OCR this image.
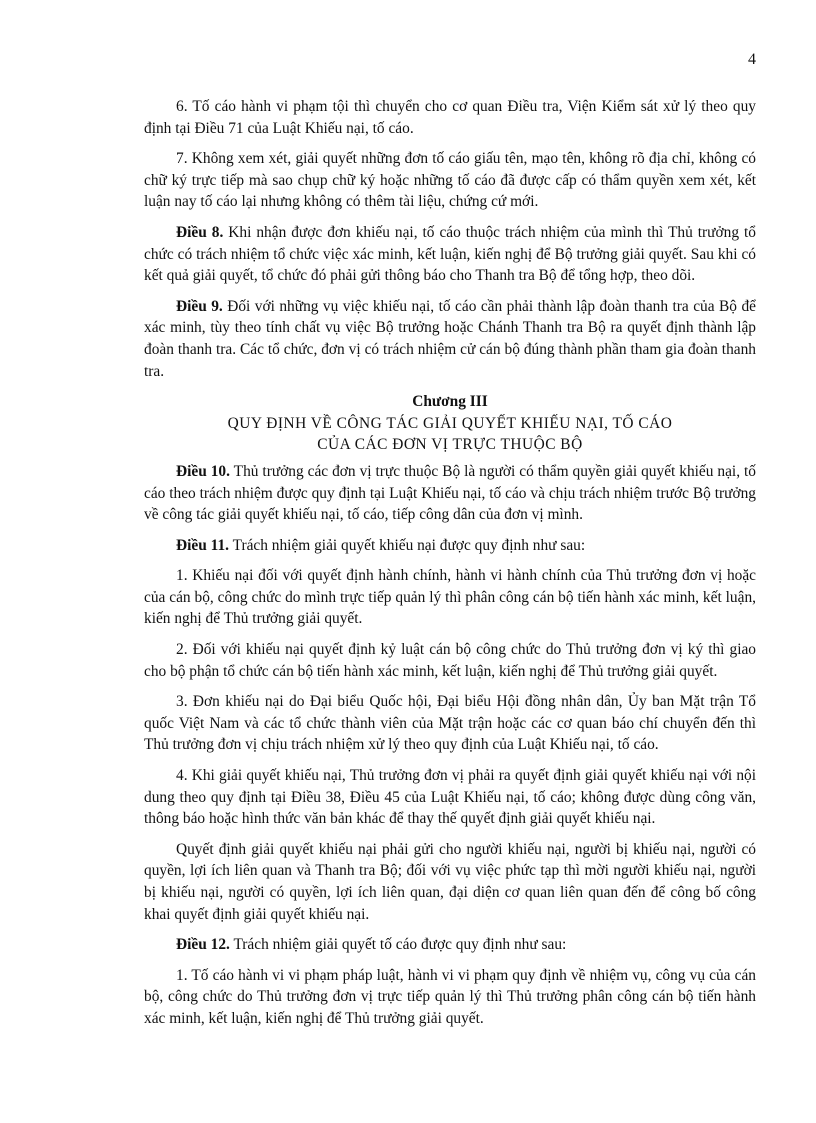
4

6. Tố cáo hành vi phạm tội thì chuyển cho cơ quan Điều tra, Viện Kiểm sát xử lý theo quy định tại Điều 71 của Luật Khiếu nại, tố cáo.

7. Không xem xét, giải quyết những đơn tố cáo giấu tên, mạo tên, không rõ địa chỉ, không có chữ ký trực tiếp mà sao chụp chữ ký hoặc những tố cáo đã được cấp có thẩm quyền xem xét, kết luận nay tố cáo lại nhưng không có thêm tài liệu, chứng cứ mới.

Điều 8. Khi nhận được đơn khiếu nại, tố cáo thuộc trách nhiệm của mình thì Thủ trưởng tổ chức có trách nhiệm tổ chức việc xác minh, kết luận, kiến nghị để Bộ trưởng giải quyết. Sau khi có kết quả giải quyết, tổ chức đó phải gửi thông báo cho Thanh tra Bộ để tổng hợp, theo dõi.

Điều 9. Đối với những vụ việc khiếu nại, tố cáo cần phải thành lập đoàn thanh tra của Bộ để xác minh, tùy theo tính chất vụ việc Bộ trưởng hoặc Chánh Thanh tra Bộ ra quyết định thành lập đoàn thanh tra. Các tổ chức, đơn vị có trách nhiệm cử cán bộ đúng thành phần tham gia đoàn thanh tra.

Chương III
QUY ĐỊNH VỀ CÔNG TÁC GIẢI QUYẾT KHIẾU NẠI, TỐ CÁO
CỦA CÁC ĐƠN VỊ TRỰC THUỘC BỘ

Điều 10. Thủ trưởng các đơn vị trực thuộc Bộ là người có thẩm quyền giải quyết khiếu nại, tố cáo theo trách nhiệm được quy định tại Luật Khiếu nại, tố cáo và chịu trách nhiệm trước Bộ trưởng về công tác giải quyết khiếu nại, tố cáo, tiếp công dân của đơn vị mình.

Điều 11. Trách nhiệm giải quyết khiếu nại được quy định như sau:

1. Khiếu nại đối với quyết định hành chính, hành vi hành chính của Thủ trưởng đơn vị hoặc của cán bộ, công chức do mình trực tiếp quản lý thì phân công cán bộ tiến hành xác minh, kết luận, kiến nghị để Thủ trưởng giải quyết.

2. Đối với khiếu nại quyết định kỷ luật cán bộ công chức do Thủ trưởng đơn vị ký thì giao cho bộ phận tổ chức cán bộ tiến hành xác minh, kết luận, kiến nghị để Thủ trưởng giải quyết.

3. Đơn khiếu nại do Đại biểu Quốc hội, Đại biểu Hội đồng nhân dân, Ủy ban Mặt trận Tổ quốc Việt Nam và các tổ chức thành viên của Mặt trận hoặc các cơ quan báo chí chuyển đến thì Thủ trưởng đơn vị chịu trách nhiệm xử lý theo quy định của Luật Khiếu nại, tố cáo.

4. Khi giải quyết khiếu nại, Thủ trưởng đơn vị phải ra quyết định giải quyết khiếu nại với nội dung theo quy định tại Điều 38, Điều 45 của Luật Khiếu nại, tố cáo; không được dùng công văn, thông báo hoặc hình thức văn bản khác để thay thế quyết định giải quyết khiếu nại.

Quyết định giải quyết khiếu nại phải gửi cho người khiếu nại, người bị khiếu nại, người có quyền, lợi ích liên quan và Thanh tra Bộ; đối với vụ việc phức tạp thì mời người khiếu nại, người bị khiếu nại, người có quyền, lợi ích liên quan, đại diện cơ quan liên quan đến để công bố công khai quyết định giải quyết khiếu nại.

Điều 12. Trách nhiệm giải quyết tố cáo được quy định như sau:

1. Tố cáo hành vi vi phạm pháp luật, hành vi vi phạm quy định về nhiệm vụ, công vụ của cán bộ, công chức do Thủ trưởng đơn vị trực tiếp quản lý thì Thủ trưởng phân công cán bộ tiến hành xác minh, kết luận, kiến nghị để Thủ trưởng giải quyết.
